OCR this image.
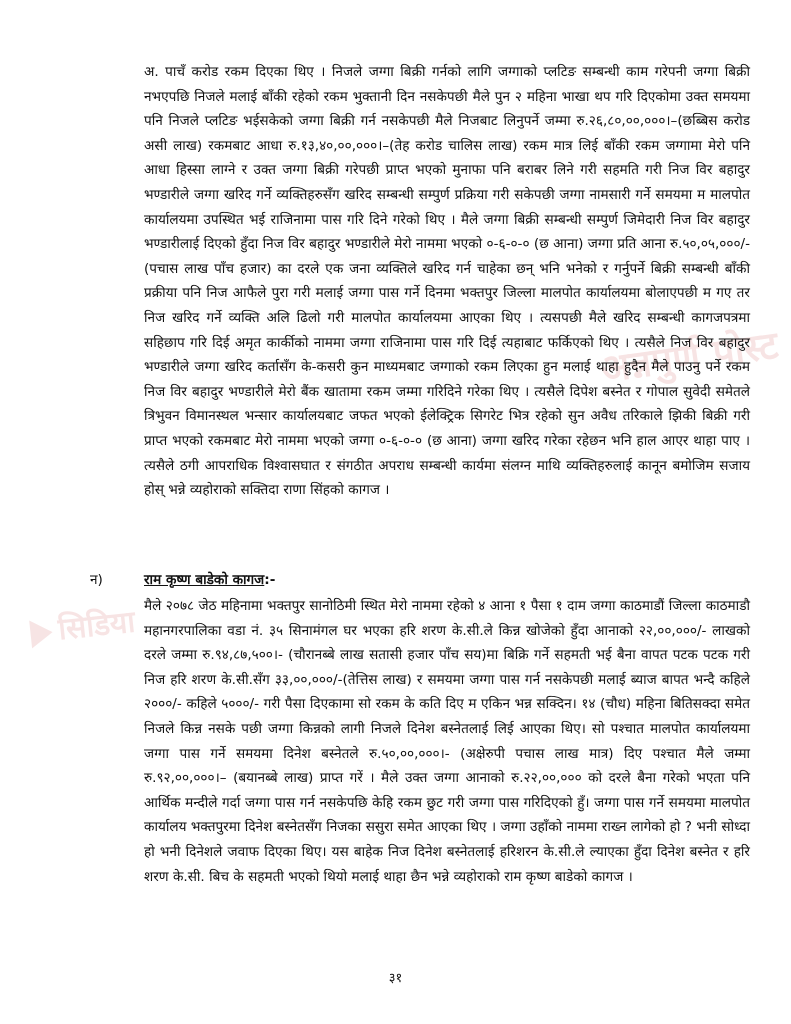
सिडिया
अन्नपुर्ण पोस्ट

अ. पाचँ करोड रकम दिएका थिए । निजले जग्गा बिक्री गर्नको लागि जग्गाको प्लटिङ सम्बन्धी काम गरेपनी जग्गा बिक्री नभएपछि निजले मलाई बाँकी रहेको रकम भुक्तानी दिन नसकेपछी मैले पुन २ महिना भाखा थप गरि दिएकोमा उक्त समयमा पनि निजले प्लटिङ भईसकेको जग्गा बिक्री गर्न नसकेपछी मैले निजबाट लिनुपर्ने जम्मा रु.२६,८०,००,०००।–(छब्बिस करोड असी लाख) रकमबाट आधा रु.१३,४०,००,०००।–(तेह करोड चालिस लाख) रकम मात्र लिई बाँकी रकम जग्गामा मेरो पनि आधा हिस्सा लाग्ने र उक्त जग्गा बिक्री गरेपछी प्राप्त भएको मुनाफा पनि बराबर लिने गरी सहमति गरी निज विर बहादुर भण्डारीले जग्गा खरिद गर्ने व्यक्तिहरुसँग खरिद सम्बन्धी सम्पुर्ण प्रक्रिया गरी सकेपछी जग्गा नामसारी गर्ने समयमा म मालपोत कार्यालयमा उपस्थित भई राजिनामा पास गरि दिने गरेको थिए । मैले जग्गा बिक्री सम्बन्धी सम्पुर्ण जिमेदारी निज विर बहादुर भण्डारीलाई दिएको हुँदा निज विर बहादुर भण्डारीले मेरो नाममा भएको ०-६-०-० (छ आना) जग्गा प्रति आना रु.५०,०५,०००/- (पचास लाख पाँच हजार) का दरले एक जना व्यक्तिले खरिद गर्न चाहेका छन् भनि भनेको र गर्नुपर्ने बिक्री सम्बन्धी बाँकी प्रक्रीया पनि निज आफैले पुरा गरी मलाई जग्गा पास गर्ने दिनमा भक्तपुर जिल्ला मालपोत कार्यालयमा बोलाएपछी म गए तर निज खरिद गर्ने व्यक्ति अलि ढिलो गरी मालपोत कार्यालयमा आएका थिए । त्यसपछी मैले खरिद सम्बन्धी कागजपत्रमा सहिछाप गरि दिई अमृत कार्कीको नाममा जग्गा राजिनामा पास गरि दिई त्यहाबाट फर्किएको थिए । त्यसैले निज विर बहादुर भण्डारीले जग्गा खरिद कर्तासँग के-कसरी कुन माध्यमबाट जग्गाको रकम लिएका हुन मलाई थाहा हुदैन मैले पाउनु पर्ने रकम निज विर बहादुर भण्डारीले मेरो बैंक खातामा रकम जम्मा गरिदिने गरेका थिए । त्यसैले दिपेश बस्नेत र गोपाल सुवेदी समेतले त्रिभुवन विमानस्थल भन्सार कार्यालयबाट जफत भएको ईलेक्ट्रिक सिगरेट भित्र रहेको सुन अवैध तरिकाले झिकी बिक्री गरी प्राप्त भएको रकमबाट मेरो नाममा भएको जग्गा ०-६-०-० (छ आना) जग्गा खरिद गरेका रहेछन भनि हाल आएर थाहा पाए । त्यसैले ठगी आपराधिक विश्वासघात र संगठीत अपराध सम्बन्धी कार्यमा संलग्न माथि व्यक्तिहरुलाई कानून बमोजिम सजाय होस् भन्ने व्यहोराको सक्तिदा राणा सिंहको कागज ।

न)	राम कृष्ण बाडेको कागज:-

मैले २०७८ जेठ महिनामा भक्तपुर सानोठिमी स्थित मेरो नाममा रहेको ४ आना १ पैसा १ दाम जग्गा काठमाडौं जिल्ला काठमाडौ महानगरपालिका वडा नं. ३५ सिनामंगल घर भएका हरि शरण के.सी.ले किन्न खोजेको हुँदा आनाको २२,००,०००/- लाखको दरले जम्मा रु.९४,८७,५००।- (चौरानब्बे लाख सतासी हजार पाँच सय)मा बिक्रि गर्ने सहमती भई बैना वापत पटक पटक गरी निज हरि शरण के.सी.सँग ३३,००,०००/-(तेत्तिस लाख) र समयमा जग्गा पास गर्न नसकेपछी मलाई ब्याज बापत भन्दै कहिले २०००/- कहिले ५०००/- गरी पैसा दिएकामा सो रकम के कति दिए म एकिन भन्न सक्दिन। १४ (चौध) महिना बितिसक्दा समेत निजले किन्न नसके पछी जग्गा किन्नको लागी निजले दिनेश बस्नेतलाई लिई आएका थिए। सो पश्चात मालपोत कार्यालयमा जग्गा पास गर्ने समयमा दिनेश बस्नेतले रु.५०,००,०००।- (अक्षेरुपी पचास लाख मात्र) दिए पश्चात मैले जम्मा रु.९२,००,०००।– (बयानब्बे लाख) प्राप्त गरें । मैले उक्त जग्गा आनाको रु.२२,००,००० को दरले बैना गरेको भएता पनि आर्थिक मन्दीले गर्दा जग्गा पास गर्न नसकेपछि केहि रकम छुट गरी जग्गा पास गरिदिएको हुँ। जग्गा पास गर्ने समयमा मालपोत कार्यालय भक्तपुरमा दिनेश बस्नेतसँग निजका ससुरा समेत आएका थिए । जग्गा उहाँको नाममा राख्न लागेको हो ? भनी सोध्दा हो भनी दिनेशले जवाफ दिएका थिए। यस बाहेक निज दिनेश बस्नेतलाई हरिशरन के.सी.ले ल्याएका हुँदा दिनेश बस्नेत र हरि शरण के.सी. बिच के सहमती भएको थियो मलाई थाहा छैन भन्ने व्यहोराको राम कृष्ण बाडेको कागज ।

३१
